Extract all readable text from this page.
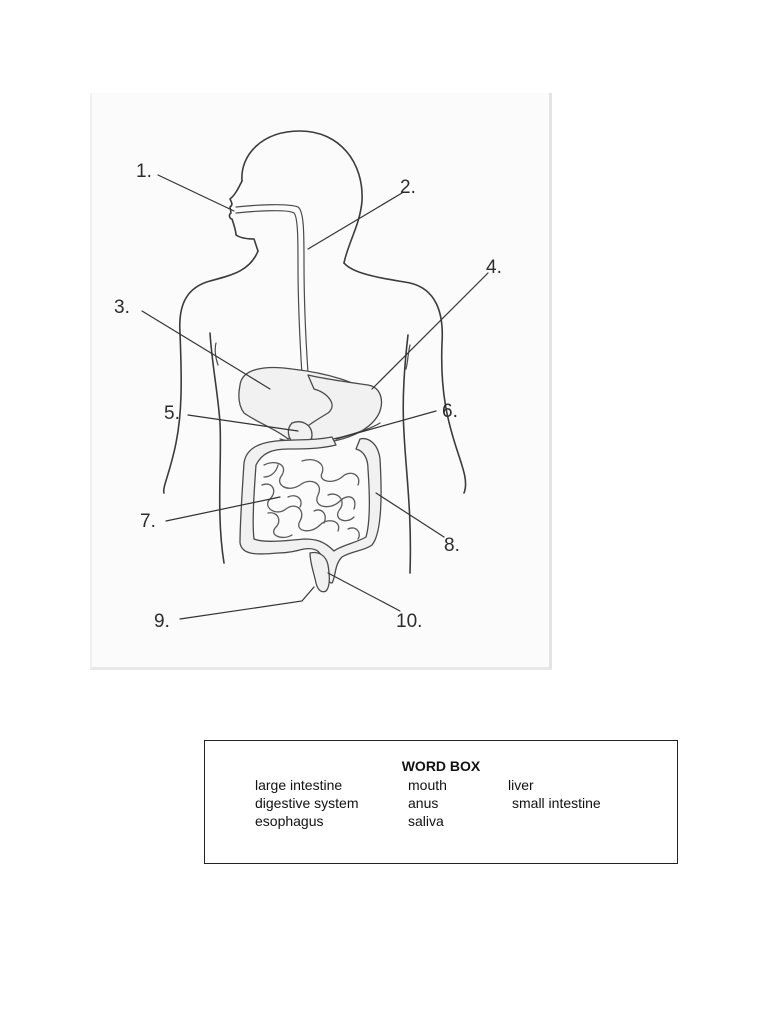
1.
2.
3.
4.
5.	6.
7.
8.
9.	10.
WORD BOX
large intestine	mouth	liver
digestive system	anus	small intestine
esophagus	saliva
